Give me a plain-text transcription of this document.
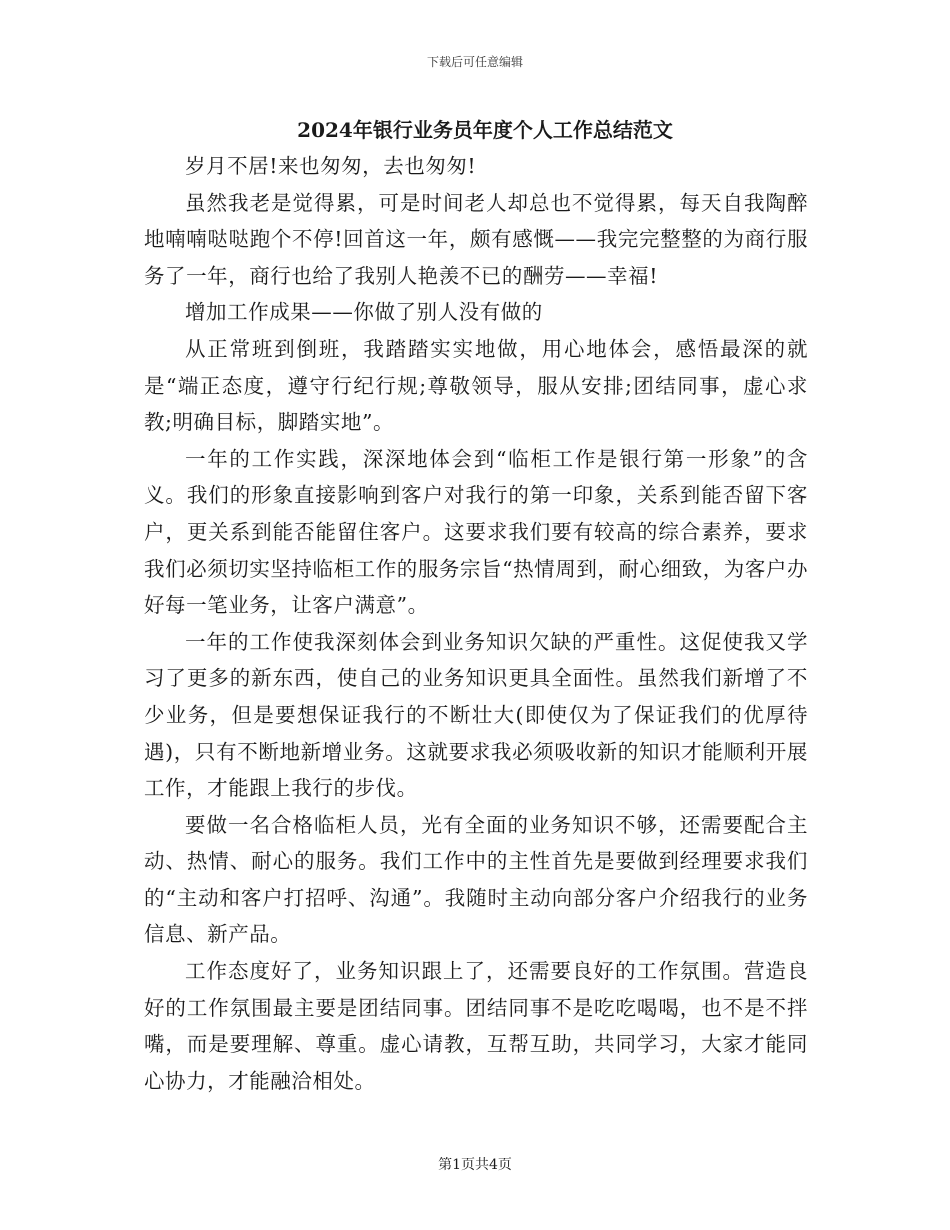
下载后可任意编辑
2024年银行业务员年度个人工作总结范文

岁月不居!来也匆匆，去也匆匆!

虽然我老是觉得累，可是时间老人却总也不觉得累，每天自我陶醉地喃喃哒哒跑个不停!回首这一年，颇有感慨——我完完整整的为商行服务了一年，商行也给了我别人艳羡不已的酬劳——幸福!

增加工作成果——你做了别人没有做的

从正常班到倒班，我踏踏实实地做，用心地体会，感悟最深的就是“端正态度，遵守行纪行规;尊敬领导，服从安排;团结同事，虚心求教;明确目标，脚踏实地”。

一年的工作实践，深深地体会到“临柜工作是银行第一形象”的含义。我们的形象直接影响到客户对我行的第一印象，关系到能否留下客户，更关系到能否能留住客户。这要求我们要有较高的综合素养，要求我们必须切实坚持临柜工作的服务宗旨“热情周到，耐心细致，为客户办好每一笔业务，让客户满意”。

一年的工作使我深刻体会到业务知识欠缺的严重性。这促使我又学习了更多的新东西，使自己的业务知识更具全面性。虽然我们新增了不少业务，但是要想保证我行的不断壮大(即使仅为了保证我们的优厚待遇)，只有不断地新增业务。这就要求我必须吸收新的知识才能顺利开展工作，才能跟上我行的步伐。

要做一名合格临柜人员，光有全面的业务知识不够，还需要配合主动、热情、耐心的服务。我们工作中的主性首先是要做到经理要求我们的“主动和客户打招呼、沟通”。我随时主动向部分客户介绍我行的业务信息、新产品。

工作态度好了，业务知识跟上了，还需要良好的工作氛围。营造良好的工作氛围最主要是团结同事。团结同事不是吃吃喝喝，也不是不拌嘴，而是要理解、尊重。虚心请教，互帮互助，共同学习，大家才能同心协力，才能融洽相处。

第1页共4页
